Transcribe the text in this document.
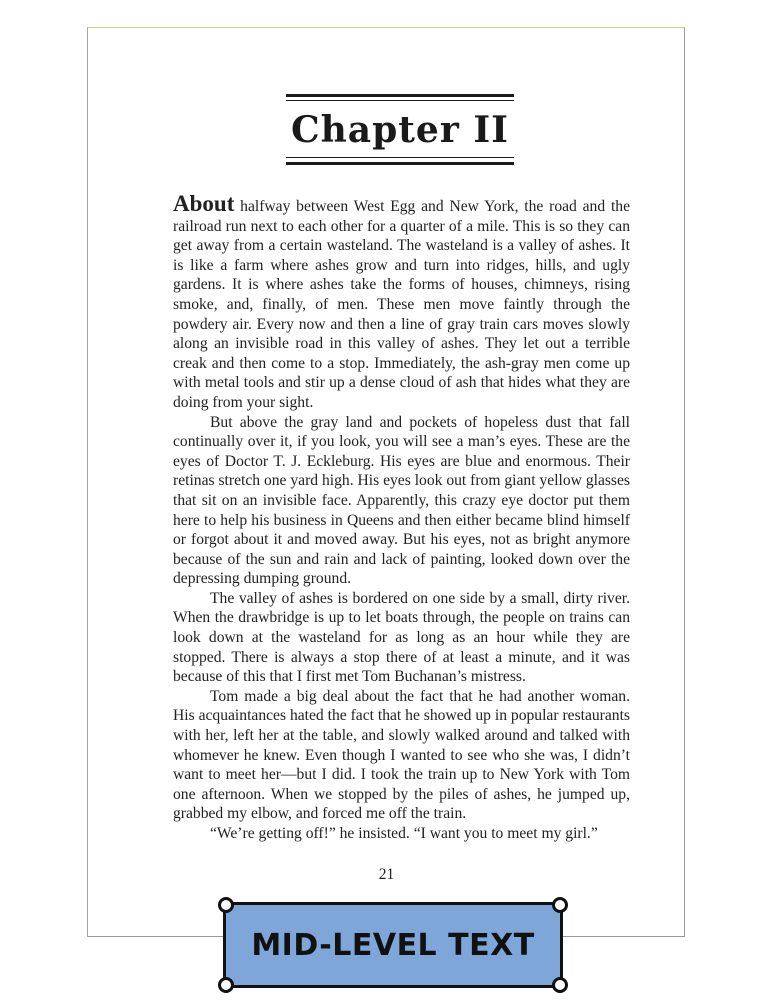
Chapter II

About halfway between West Egg and New York, the road and the railroad run next to each other for a quarter of a mile. This is so they can get away from a certain wasteland. The wasteland is a valley of ashes. It is like a farm where ashes grow and turn into ridges, hills, and ugly gardens. It is where ashes take the forms of houses, chimneys, rising smoke, and, finally, of men. These men move faintly through the powdery air. Every now and then a line of gray train cars moves slowly along an invisible road in this valley of ashes. They let out a terrible creak and then come to a stop. Immediately, the ash-gray men come up with metal tools and stir up a dense cloud of ash that hides what they are doing from your sight.

But above the gray land and pockets of hopeless dust that fall continually over it, if you look, you will see a man’s eyes. These are the eyes of Doctor T. J. Eckleburg. His eyes are blue and enormous. Their retinas stretch one yard high. His eyes look out from giant yellow glasses that sit on an invisible face. Apparently, this crazy eye doctor put them here to help his business in Queens and then either became blind himself or forgot about it and moved away. But his eyes, not as bright anymore because of the sun and rain and lack of painting, looked down over the depressing dumping ground.

The valley of ashes is bordered on one side by a small, dirty river. When the drawbridge is up to let boats through, the people on trains can look down at the wasteland for as long as an hour while they are stopped. There is always a stop there of at least a minute, and it was because of this that I first met Tom Buchanan’s mistress.

Tom made a big deal about the fact that he had another woman. His acquaintances hated the fact that he showed up in popular restaurants with her, left her at the table, and slowly walked around and talked with whomever he knew. Even though I wanted to see who she was, I didn’t want to meet her—but I did. I took the train up to New York with Tom one afternoon. When we stopped by the piles of ashes, he jumped up, grabbed my elbow, and forced me off the train.

“We’re getting off!” he insisted. “I want you to meet my girl.”

21
MID-LEVEL TEXT
